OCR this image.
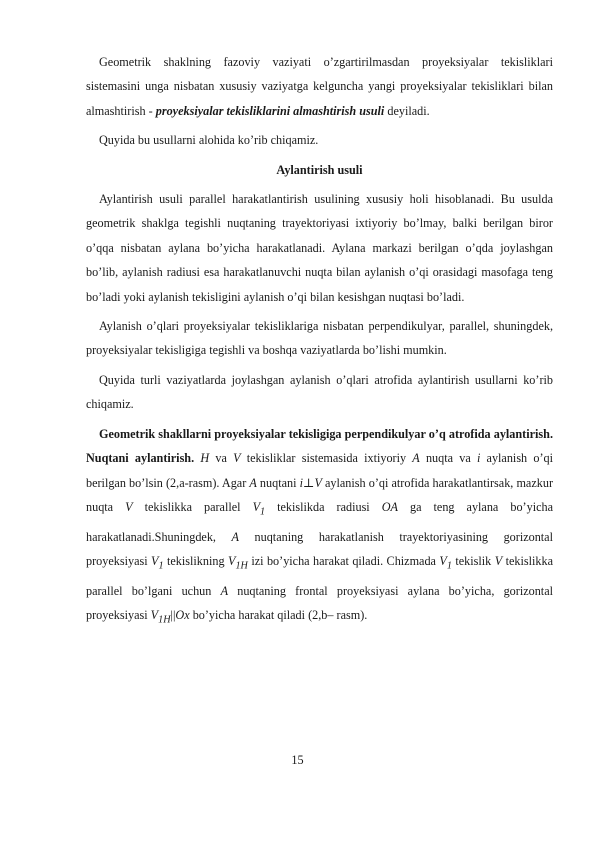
Geometrik shaklning fazoviy vaziyati o’zgartirilmasdan proyeksiyalar tekisliklari sistemasini unga nisbatan xususiy vaziyatga kelguncha yangi proyeksiyalar tekisliklari bilan almashtirish - proyeksiyalar tekisliklarini almashtirish usuli deyiladi.

Quyida bu usullarni alohida ko’rib chiqamiz.

Aylantirish usuli

Aylantirish usuli parallel harakatlantirish usulining xususiy holi hisoblanadi. Bu usulda geometrik shaklga tegishli nuqtaning trayektoriyasi ixtiyoriy bo’lmay, balki berilgan biror o’qqa nisbatan aylana bo’yicha harakatlanadi. Aylana markazi berilgan o’qda joylashgan bo’lib, aylanish radiusi esa harakatlanuvchi nuqta bilan aylanish o’qi orasidagi masofaga teng bo’ladi yoki aylanish tekisligini aylanish o’qi bilan kesishgan nuqtasi bo’ladi.

Aylanish o’qlari proyeksiyalar tekisliklariga nisbatan perpendikulyar, parallel, shuningdek, proyeksiyalar tekisligiga tegishli va boshqa vaziyatlarda bo’lishi mumkin.

Quyida turli vaziyatlarda joylashgan aylanish o’qlari atrofida aylantirish usullarni ko’rib chiqamiz.

Geometrik shakllarni proyeksiyalar tekisligiga perpendikulyar o’q atrofida aylantirish. Nuqtani aylantirish. H va V tekisliklar sistemasida ixtiyoriy A nuqta va i aylanish o’qi berilgan bo’lsin (2,a-rasm). Agar A nuqtani i⊥V aylanish o’qi atrofida harakatlantirsak, mazkur nuqta V tekislikka parallel $V_1$ tekislikda radiusi OA ga teng aylana bo’yicha harakatlanadi.Shuningdek, A nuqtaning harakatlanish trayektoriyasining gorizontal proyeksiyasi $V_1$ tekislikning $V_{1H}$ izi bo’yicha harakat qiladi. Chizmada $V_1$ tekislik V tekislikka parallel bo’lgani uchun A nuqtaning frontal proyeksiyasi aylana bo’yicha, gorizontal proyeksiyasi $V_{1H}||Ox$ bo’yicha harakat qiladi (2,b– rasm).

15
